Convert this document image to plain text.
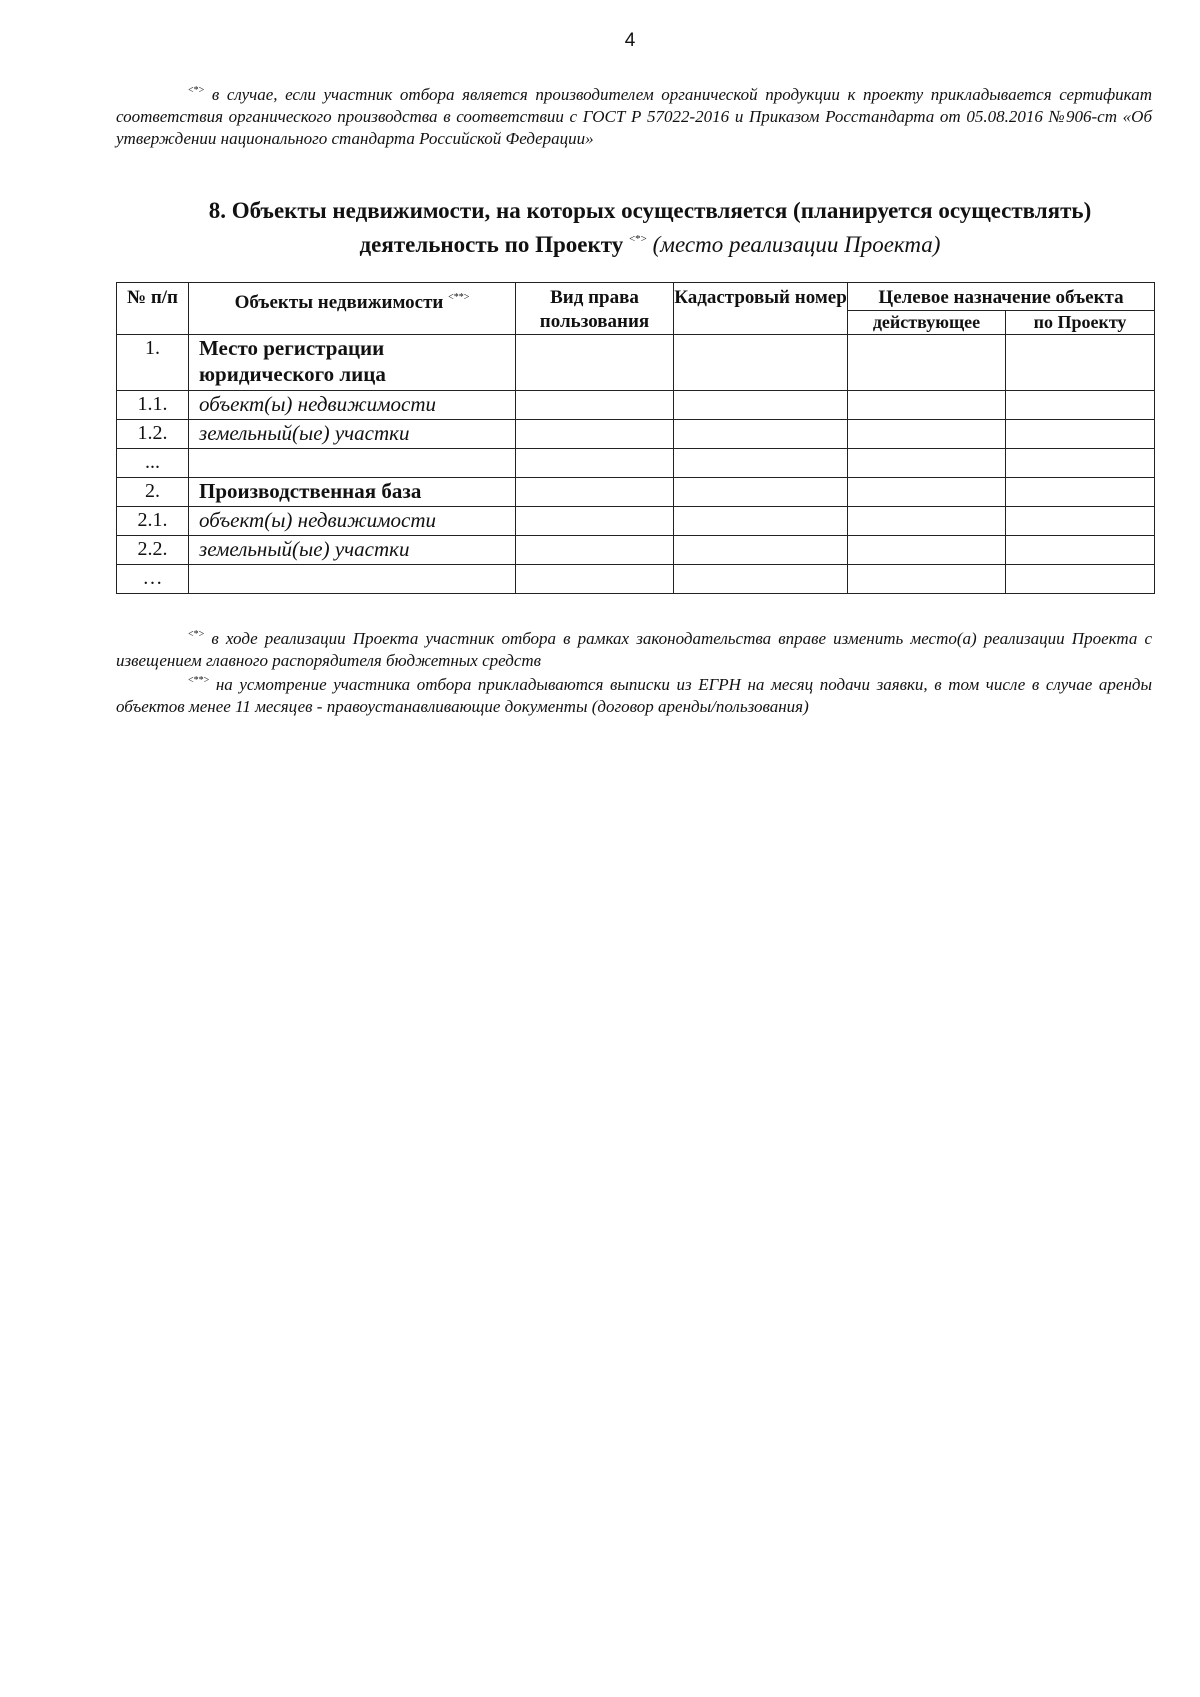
4
<*> в случае, если участник отбора является производителем органической продукции к проекту прикладывается сертификат соответствия органического производства в соответствии с ГОСТ Р 57022-2016 и Приказом Росстандарта от 05.08.2016 №906-ст «Об утверждении национального стандарта Российской Федерации»
8. Объекты недвижимости, на которых осуществляется (планируется осуществлять) деятельность по Проекту <*> (место реализации Проекта)
№ п/п	Объекты недвижимости <**>	Вид права пользования	Кадастровый номер	Целевое назначение объекта	
				действующее	по Проекту
1.	Место регистрации юридического лица				
1.1.	объект(ы) недвижимости				
1.2.	земельный(ые) участки				
...					
2.	Производственная база				
2.1.	объект(ы) недвижимости				
2.2.	земельный(ые) участки				
…					
<*> в ходе реализации Проекта участник отбора в рамках законодательства вправе изменить место(а) реализации Проекта с извещением главного распорядителя бюджетных средств
<**> на усмотрение участника отбора прикладываются выписки из ЕГРН на месяц подачи заявки, в том числе в случае аренды объектов менее 11 месяцев - правоустанавливающие документы (договор аренды/пользования)
